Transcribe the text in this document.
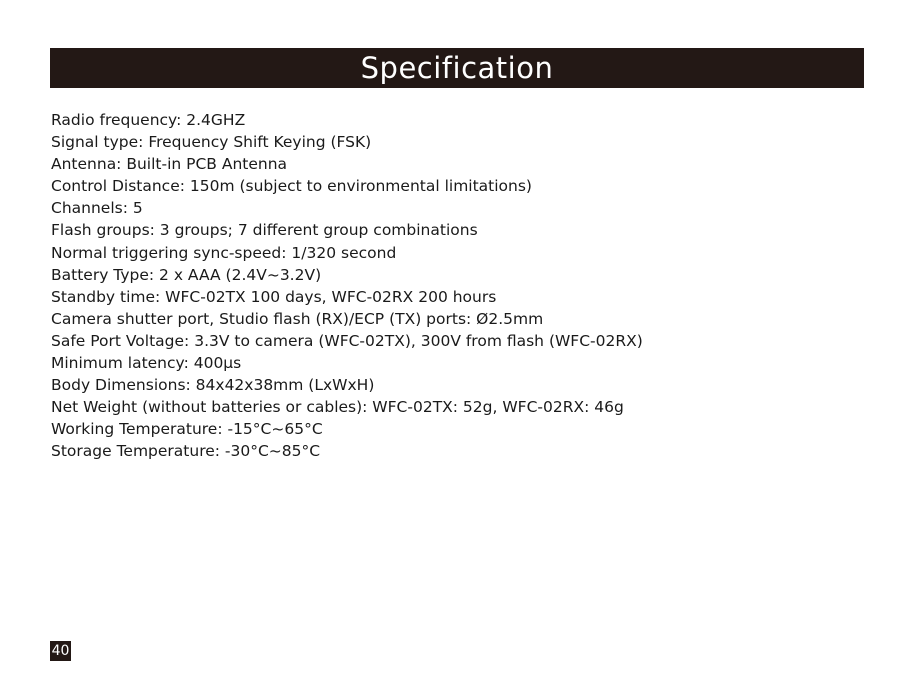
Specification
Radio frequency: 2.4GHZ
Signal type: Frequency Shift Keying (FSK)
Antenna: Built-in PCB Antenna
Control Distance: 150m (subject to environmental limitations)
Channels: 5
Flash groups: 3 groups; 7 different group combinations
Normal triggering sync-speed: 1/320 second
Battery Type: 2 x AAA (2.4V~3.2V)
Standby time: WFC-02TX 100 days, WFC-02RX 200 hours
Camera shutter port, Studio flash (RX)/ECP (TX) ports: Ø2.5mm
Safe Port Voltage: 3.3V to camera (WFC-02TX), 300V from flash (WFC-02RX)
Minimum latency: 400μs
Body Dimensions: 84x42x38mm (LxWxH)
Net Weight (without batteries or cables): WFC-02TX: 52g, WFC-02RX: 46g
Working Temperature: -15°C~65°C
Storage Temperature: -30°C~85°C
40
